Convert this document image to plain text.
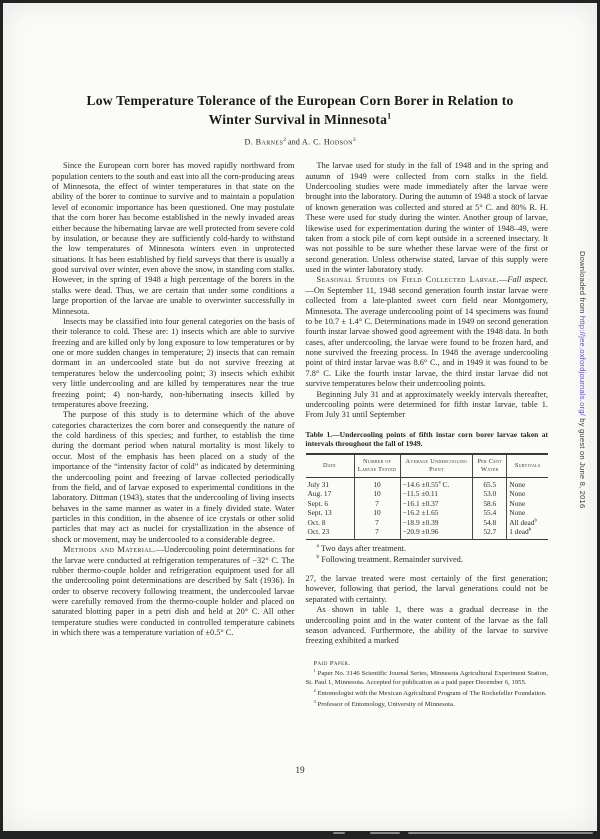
Low Temperature Tolerance of the European Corn Borer in Relation to Winter Survival in Minnesota$^1$
D. Barnes$^2$ and A. C. Hodson$^3$

Since the European corn borer has moved rapidly northward from population centers to the south and east into all the corn-producing areas of Minnesota, the effect of winter temperatures in that state on the ability of the borer to continue to survive and to maintain a population level of economic importance has been questioned. One may postulate that the corn borer has become established in the newly invaded areas either because the hibernating larvae are well protected from severe cold by insulation, or because they are sufficiently cold-hardy to withstand the low temperatures of Minnesota winters even in unprotected situations. It has been established by field surveys that there is usually a good survival over winter, even above the snow, in standing corn stalks. However, in the spring of 1948 a high percentage of the borers in the stalks were dead. Thus, we are certain that under some conditions a large proportion of the larvae are unable to overwinter successfully in Minnesota.

Insects may be classified into four general categories on the basis of their tolerance to cold. These are: 1) insects which are able to survive freezing and are killed only by long exposure to low temperatures or by one or more sudden changes in temperature; 2) insects that can remain dormant in an undercooled state but do not survive freezing at temperatures below the undercooling point; 3) insects which exhibit very little undercooling and are killed by temperatures near the true freezing point; 4) non-hardy, non-hibernating insects killed by temperatures above freezing.

The purpose of this study is to determine which of the above categories characterizes the corn borer and consequently the nature of the cold hardiness of this species; and further, to establish the time during the dormant period when natural mortality is most likely to occur. Most of the emphasis has been placed on a study of the importance of the “intensity factor of cold” as indicated by determining the undercooling point and freezing of larvae collected periodically from the field, and of larvae exposed to experimental conditions in the laboratory. Dittman (1943), states that the undercooling of living insects behaves in the same manner as water in a finely divided state. Water particles in this condition, in the absence of ice crystals or other solid particles that may act as nuclei for crystallization in the absence of shock or movement, may be undercooled to a considerable degree.

Methods and Material.—Undercooling point determinations for the larvae were conducted at refrigeration temperatures of −32° C. The rubber thermo-couple holder and refrigeration equipment used for all the undercooling point determinations are described by Salt (1936). In order to observe recovery following treatment, the undercooled larvae were carefully removed from the thermo-couple holder and placed on saturated blotting paper in a petri dish and held at 20° C. All other temperature studies were conducted in controlled temperature cabinets in which there was a temperature variation of ±0.5° C.

The larvae used for study in the fall of 1948 and in the spring and autumn of 1949 were collected from corn stalks in the field. Undercooling studies were made immediately after the larvae were brought into the laboratory. During the autumn of 1948 a stock of larvae of known generation was collected and stored at 5° C. and 80% R. H. These were used for study during the winter. Another group of larvae, likewise used for experimentation during the winter of 1948–49, were taken from a stock pile of corn kept outside in a screened insectary. It was not possible to be sure whether these larvae were of the first or second generation. Unless otherwise stated, larvae of this supply were used in the winter laboratory study.

Seasonal Studies on Field Collected Larvae.—Fall aspect.—On September 11, 1948 second generation fourth instar larvae were collected from a late-planted sweet corn field near Montgomery, Minnesota. The average undercooling point of 14 specimens was found to be 10.7 ± 1.4° C. Determinations made in 1949 on second generation fourth instar larvae showed good agreement with the 1948 data. In both cases, after undercooling, the larvae were found to be frozen hard, and none survived the freezing process. In 1948 the average undercooling point of third instar larvae was 8.6° C., and in 1949 it was found to be 7.8° C. Like the fourth instar larvae, the third instar larvae did not survive temperatures below their undercooling points.

Beginning July 31 and at approximately weekly intervals thereafter, undercooling points were determined for fifth instar larvae, table 1. From July 31 until September

Table 1.—Undercooling points of fifth instar corn borer larvae taken at intervals throughout the fall of 1949.
Date	Number of Larvae Tested	Average Undercooling Point	Per Cent Water	Survivals
July 31	10	−14.6 ±0.55$^a$ C.	65.5	None
Aug. 17	10	−11.5 ±0.11	53.0	None
Sept. 6	7	−16.1 ±0.37	58.6	None
Sept. 13	10	−16.2 ±1.65	55.4	None
Oct. 8	7	−18.9 ±0.39	54.8	All dead$^b$
Oct. 23	7	−20.9 ±0.96	52.7	1 dead$^b$

$^a$ Two days after treatment.

$^b$ Following treatment. Remainder survived.

27, the larvae treated were most certainly of the first generation; however, following that period, the larval generations could not be separated with certainty.

As shown in table 1, there was a gradual decrease in the undercooling point and in the water content of the larvae as the fall season advanced. Furthermore, the ability of the larvae to survive freezing exhibited a marked

Paid Paper.

$^1$ Paper No. 3146 Scientific Journal Series, Minnesota Agricultural Experiment Station, St. Paul 1, Minnesota. Accepted for publication as a paid paper December 6, 1955.

$^2$ Entomologist with the Mexican Agricultural Program of The Rockefeller Foundation.

$^3$ Professor of Entomology, University of Minnesota.

19
Downloaded from http://jee.oxfordjournals.org/ by guest on June 8, 2016
